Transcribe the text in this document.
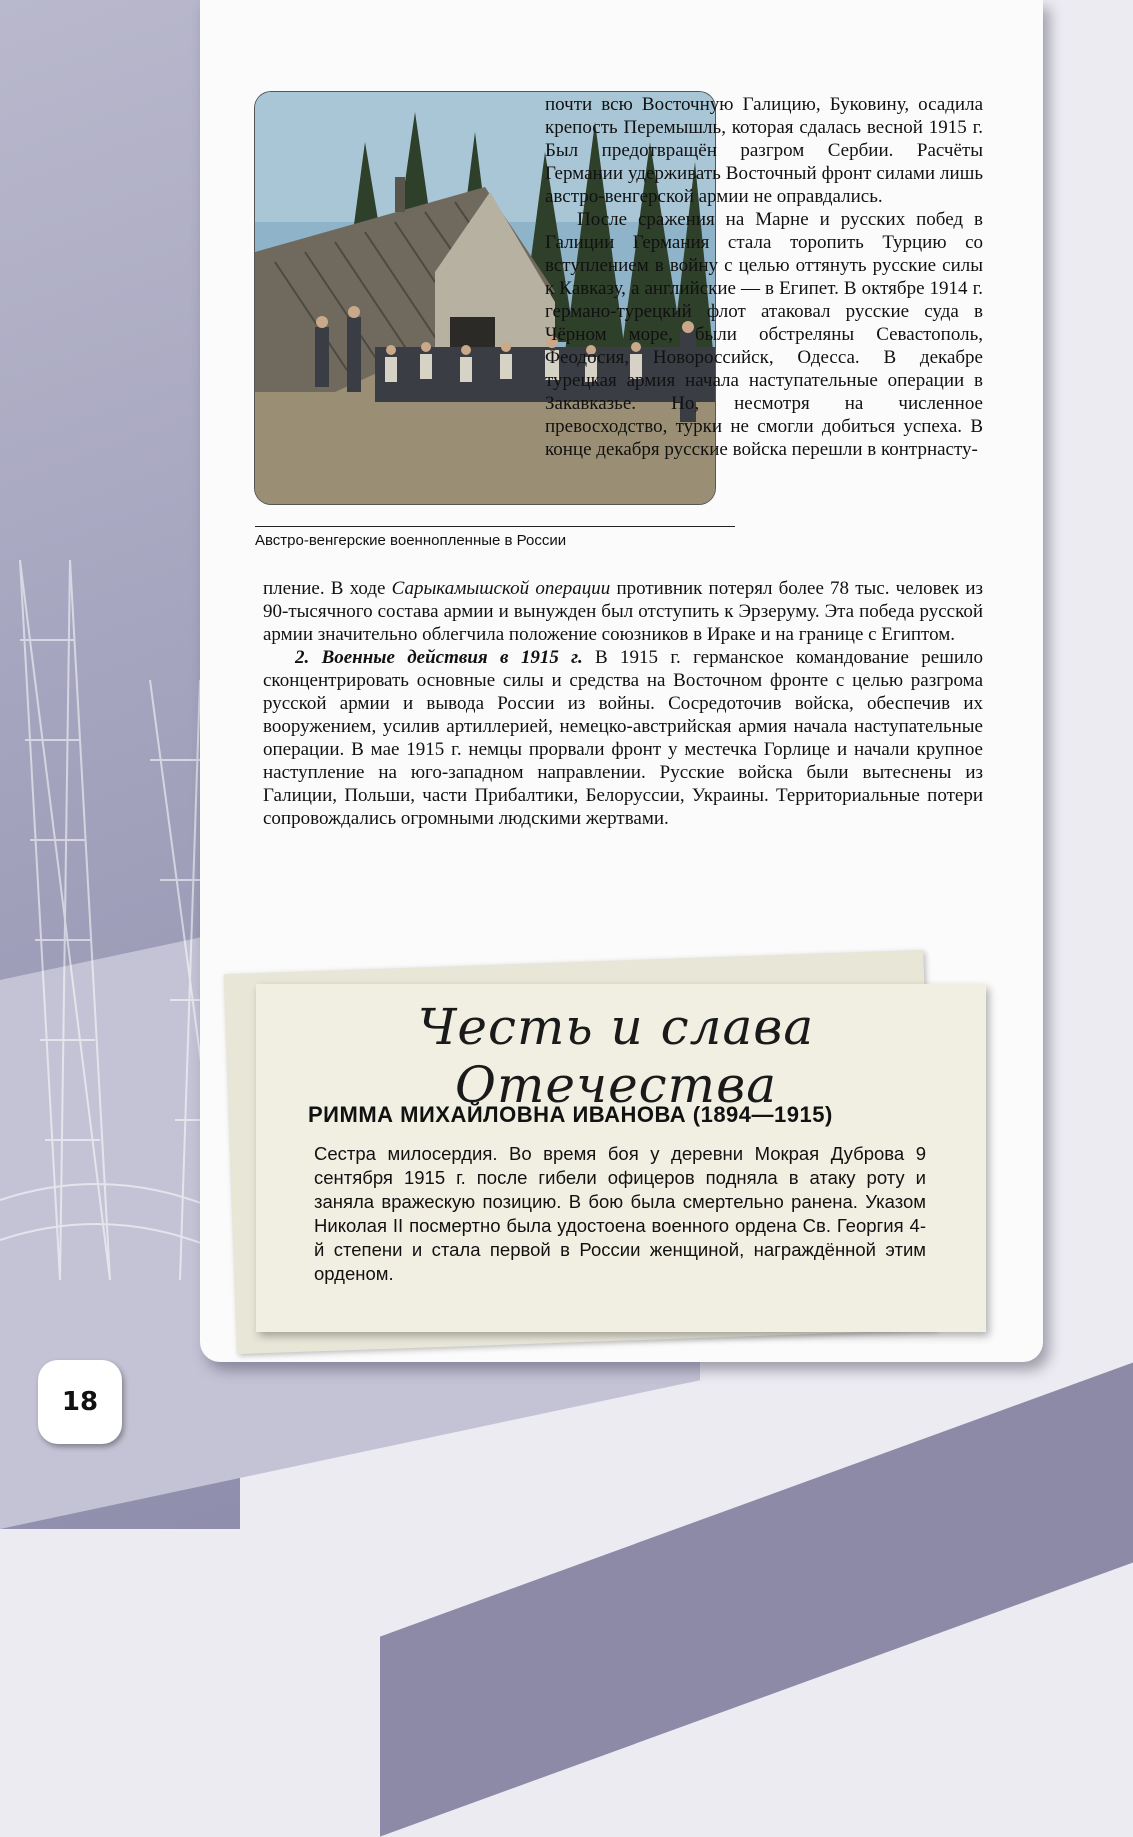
Австро-венгерские военнопленные в России

почти всю Восточную Галицию, Буковину, осадила крепость Перемышль, которая сдалась весной 1915 г. Был предотвращён разгром Сербии. Расчёты Германии удерживать Восточный фронт силами лишь австро-венгерской армии не оправдались.

После сражения на Марне и русских побед в Галиции Германия стала торопить Турцию со вступлением в войну с целью оттянуть русские силы к Кавказу, а английские — в Египет. В октябре 1914 г. германо-турецкий флот атаковал русские суда в Чёрном море, были обстреляны Севастополь, Феодосия, Новороссийск, Одесса. В декабре турецкая армия начала наступательные операции в Закавказье. Но, несмотря на численное превосходство, турки не смогли добиться успеха. В конце декабря русские войска перешли в контрнасту-

пление. В ходе Сарыкамышской операции противник потерял более 78 тыс. человек из 90-тысячного состава армии и вынужден был отступить к Эрзеруму. Эта победа русской армии значительно облегчила положение союзников в Ираке и на границе с Египтом.

2. Военные действия в 1915 г. В 1915 г. германское командование решило сконцентрировать основные силы и средства на Восточном фронте с целью разгрома русской армии и вывода России из войны. Сосредоточив войска, обеспечив их вооружением, усилив артиллерией, немецко-австрийская армия начала наступательные операции. В мае 1915 г. немцы прорвали фронт у местечка Горлице и начали крупное наступление на юго-западном направлении. Русские войска были вытеснены из Галиции, Польши, части Прибалтики, Белоруссии, Украины. Территориальные потери сопровождались огромными людскими жертвами.

Честь и слава Отечества
РИММА МИХАЙЛОВНА ИВАНОВА (1894—1915)
Сестра милосердия. Во время боя у деревни Мокрая Дуброва 9 сентября 1915 г. после гибели офицеров подняла в атаку роту и заняла вражескую позицию. В бою была смертельно ранена. Указом Николая II посмертно была удостоена военного ордена Св. Георгия 4-й степени и стала первой в России женщиной, награждённой этим орденом.
18
